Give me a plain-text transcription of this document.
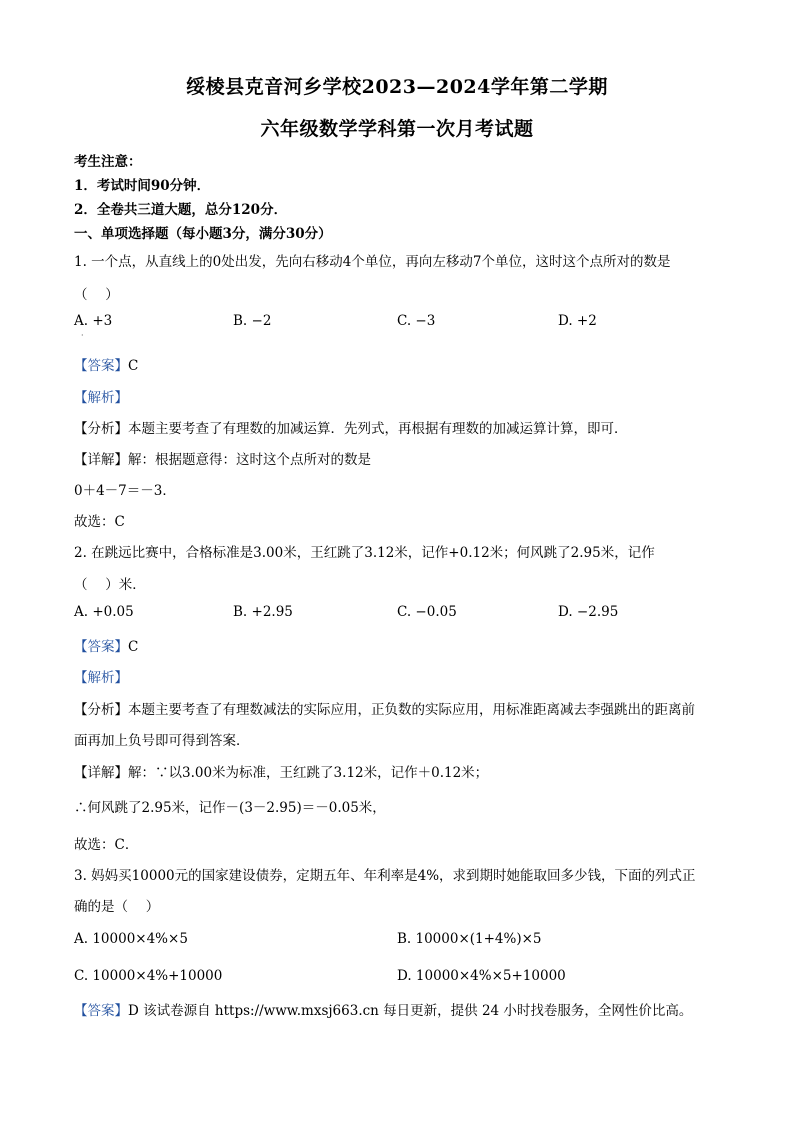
绥棱县克音河乡学校2023—2024学年第二学期
六年级数学学科第一次月考试题
考生注意：
1．考试时间90分钟．
2．全卷共三道大题，总分120分．
一、单项选择题（每小题3分，满分30分）
1. 一个点，从直线上的0处出发，先向右移动4个单位，再向左移动7个单位，这时这个点所对的数是
（　 ）
A. +3	B. −2	C. −3	D. +2
·
【答案】C
【解析】
【分析】本题主要考查了有理数的加减运算．先列式，再根据有理数的加减运算计算，即可．
【详解】解：根据题意得：这时这个点所对的数是
0＋4－7＝－3．
故选：C
2. 在跳远比赛中，合格标准是3.00米，王红跳了3.12米，记作+0.12米；何风跳了2.95米，记作
（　 ）米．
A. +0.05	B. +2.95	C. −0.05	D. −2.95
【答案】C
【解析】
【分析】本题主要考查了有理数减法的实际应用，正负数的实际应用，用标准距离减去李强跳出的距离前
面再加上负号即可得到答案．
【详解】解：∵以3.00米为标准，王红跳了3.12米，记作＋0.12米；
∴何风跳了2.95米，记作－(3－2.95)＝－0.05米，
故选：C．
3. 妈妈买10000元的国家建设债券，定期五年、年利率是4%，求到期时她能取回多少钱，下面的列式正
确的是（　 ）
A. 10000×4%×5	B. 10000×(1+4%)×5
C. 10000×4%+10000	D. 10000×4%×5+10000
【答案】D 该试卷源自 https://www.mxsj663.cn 每日更新，提供 24 小时找卷服务，全网性价比高。
